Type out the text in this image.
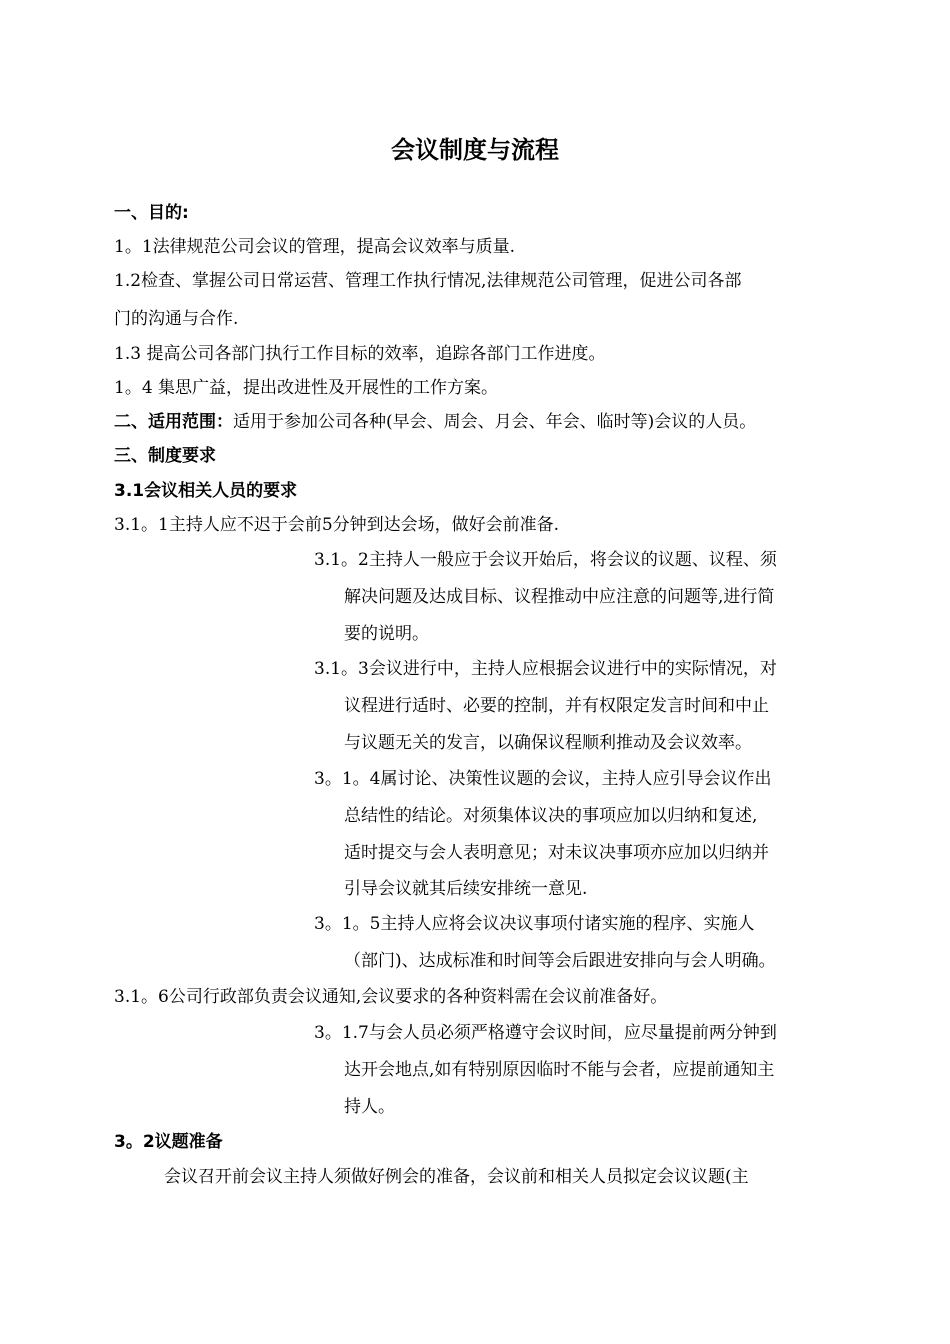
会议制度与流程
一、目的:
1。1法律规范公司会议的管理，提高会议效率与质量.
1.2检查、掌握公司日常运营、管理工作执行情况,法律规范公司管理，促进公司各部
门的沟通与合作.
1.3 提高公司各部门执行工作目标的效率，追踪各部门工作进度。
1。4 集思广益，提出改进性及开展性的工作方案。
二、适用范围：适用于参加公司各种(早会、周会、月会、年会、临时等)会议的人员。
三、制度要求
3.1会议相关人员的要求
3.1。1主持人应不迟于会前5分钟到达会场，做好会前准备.
3.1。2主持人一般应于会议开始后，将会议的议题、议程、须
解决问题及达成目标、议程推动中应注意的问题等,进行简
要的说明。
3.1。3会议进行中，主持人应根据会议进行中的实际情况，对
议程进行适时、必要的控制，并有权限定发言时间和中止
与议题无关的发言，以确保议程顺利推动及会议效率。
3。1。4属讨论、决策性议题的会议，主持人应引导会议作出
总结性的结论。对须集体议决的事项应加以归纳和复述,
适时提交与会人表明意见；对未议决事项亦应加以归纳并
引导会议就其后续安排统一意见.
3。1。5主持人应将会议决议事项付诸实施的程序、实施人
（部门)、达成标准和时间等会后跟进安排向与会人明确。
3.1。6公司行政部负责会议通知,会议要求的各种资料需在会议前准备好。
3。1.7与会人员必须严格遵守会议时间，应尽量提前两分钟到
达开会地点,如有特别原因临时不能与会者，应提前通知主
持人。
3。2议题准备
会议召开前会议主持人须做好例会的准备，会议前和相关人员拟定会议议题(主
